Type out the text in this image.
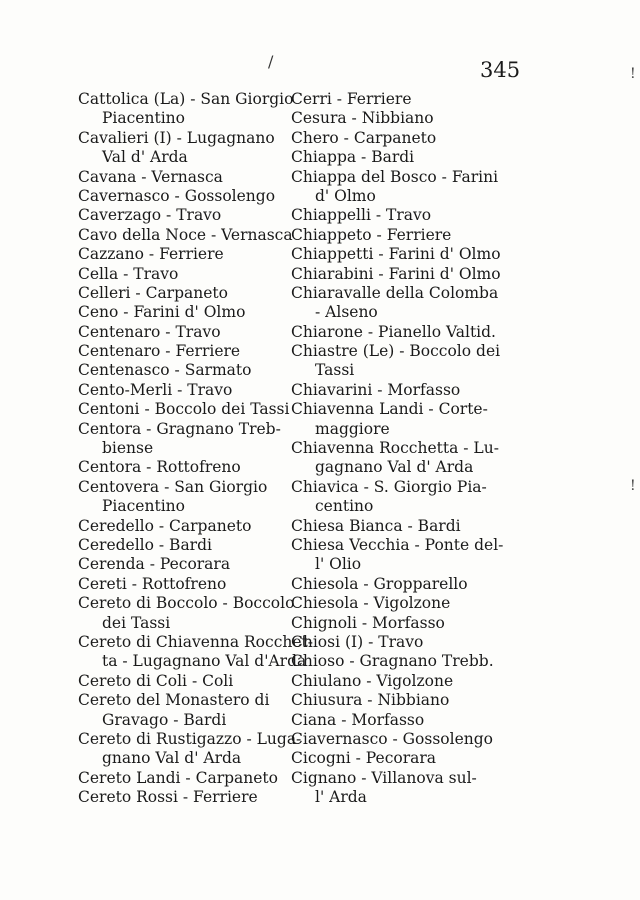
/	345	!
!
Cattolica (La) - San Giorgio
Piacentino
Cavalieri (I) - Lugagnano
Val d' Arda
Cavana - Vernasca
Cavernasco - Gossolengo
Caverzago - Travo
Cavo della Noce - Vernasca
Cazzano - Ferriere
Cella - Travo
Celleri - Carpaneto
Ceno - Farini d' Olmo
Centenaro - Travo
Centenaro - Ferriere
Centenasco - Sarmato
Cento-Merli - Travo
Centoni - Boccolo dei Tassi
Centora - Gragnano Treb-
biense
Centora - Rottofreno
Centovera - San Giorgio
Piacentino
Ceredello - Carpaneto
Ceredello - Bardi
Cerenda - Pecorara
Cereti - Rottofreno
Cereto di Boccolo - Boccolo
dei Tassi
Cereto di Chiavenna Rocchet-
ta - Lugagnano Val d'Arda
Cereto di Coli - Coli
Cereto del Monastero di
Gravago - Bardi
Cereto di Rustigazzo - Luga-
gnano Val d' Arda
Cereto Landi - Carpaneto
Cereto Rossi - Ferriere
Cerri - Ferriere
Cesura - Nibbiano
Chero - Carpaneto
Chiappa - Bardi
Chiappa del Bosco - Farini
d' Olmo
Chiappelli - Travo
Chiappeto - Ferriere
Chiappetti - Farini d' Olmo
Chiarabini - Farini d' Olmo
Chiaravalle della Colomba
- Alseno
Chiarone - Pianello Valtid.
Chiastre (Le) - Boccolo dei
Tassi
Chiavarini - Morfasso
Chiavenna Landi - Corte-
maggiore
Chiavenna Rocchetta - Lu-
gagnano Val d' Arda
Chiavica - S. Giorgio Pia-
centino
Chiesa Bianca - Bardi
Chiesa Vecchia - Ponte del-
l' Olio
Chiesola - Gropparello
Chiesola - Vigolzone
Chignoli - Morfasso
Chiosi (I) - Travo
Chioso - Gragnano Trebb.
Chiulano - Vigolzone
Chiusura - Nibbiano
Ciana - Morfasso
Ciavernasco - Gossolengo
Cicogni - Pecorara
Cignano - Villanova sul-
l' Arda
